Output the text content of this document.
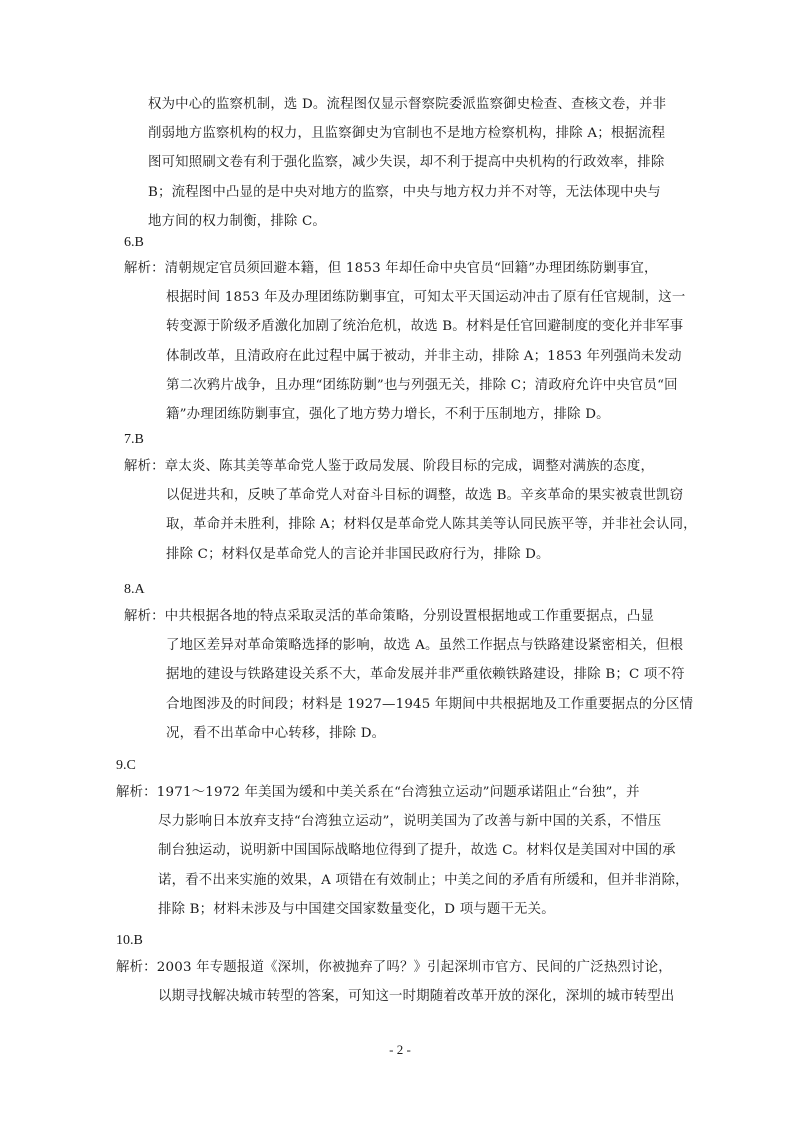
权为中心的监察机制，选 D。流程图仅显示督察院委派监察御史检查、查核文卷，并非
削弱地方监察机构的权力，且监察御史为官制也不是地方检察机构，排除 A；根据流程
图可知照刷文卷有利于强化监察，减少失误，却不利于提高中央机构的行政效率，排除
B；流程图中凸显的是中央对地方的监察，中央与地方权力并不对等，无法体现中央与
地方间的权力制衡，排除 C。
6.B
解析：清朝规定官员须回避本籍，但 1853 年却任命中央官员“回籍”办理团练防剿事宜，
根据时间 1853 年及办理团练防剿事宜，可知太平天国运动冲击了原有任官规制，这一
转变源于阶级矛盾激化加剧了统治危机，故选 B。材料是任官回避制度的变化并非军事
体制改革，且清政府在此过程中属于被动，并非主动，排除 A；1853 年列强尚未发动
第二次鸦片战争，且办理“团练防剿”也与列强无关，排除 C；清政府允许中央官员“回
籍”办理团练防剿事宜，强化了地方势力增长，不利于压制地方，排除 D。
7.B
解析：章太炎、陈其美等革命党人鉴于政局发展、阶段目标的完成，调整对满族的态度，
以促进共和，反映了革命党人对奋斗目标的调整，故选 B。辛亥革命的果实被袁世凯窃
取，革命并未胜利，排除 A；材料仅是革命党人陈其美等认同民族平等，并非社会认同，
排除 C；材料仅是革命党人的言论并非国民政府行为，排除 D。
8.A
解析：中共根据各地的特点采取灵活的革命策略，分别设置根据地或工作重要据点，凸显
了地区差异对革命策略选择的影响，故选 A。虽然工作据点与铁路建设紧密相关，但根
据地的建设与铁路建设关系不大，革命发展并非严重依赖铁路建设，排除 B；C 项不符
合地图涉及的时间段；材料是 1927—1945 年期间中共根据地及工作重要据点的分区情
况，看不出革命中心转移，排除 D。
9.C
解析：1971～1972 年美国为缓和中美关系在“台湾独立运动”问题承诺阻止“台独”，并
尽力影响日本放弃支持“台湾独立运动”，说明美国为了改善与新中国的关系，不惜压
制台独运动，说明新中国国际战略地位得到了提升，故选 C。材料仅是美国对中国的承
诺，看不出来实施的效果，A 项错在有效制止；中美之间的矛盾有所缓和，但并非消除，
排除 B；材料未涉及与中国建交国家数量变化，D 项与题干无关。
10.B
解析：2003 年专题报道《深圳，你被抛弃了吗？》引起深圳市官方、民间的广泛热烈讨论，
以期寻找解决城市转型的答案，可知这一时期随着改革开放的深化，深圳的城市转型出
- 2 -
